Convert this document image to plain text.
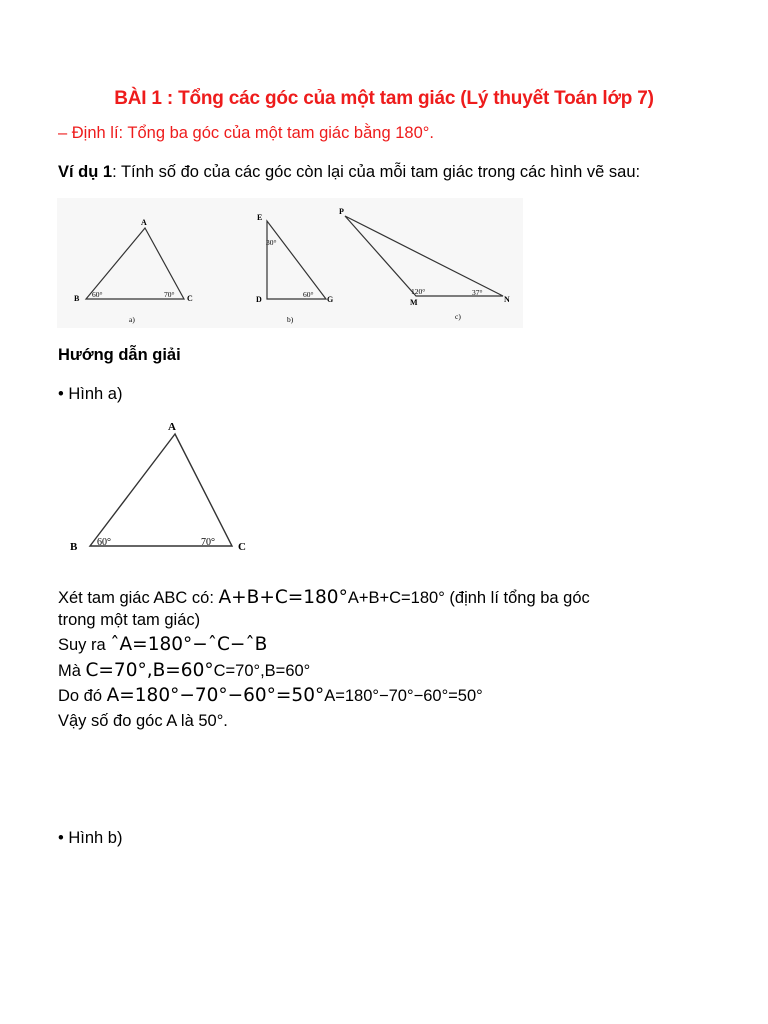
BÀI 1 : Tổng các góc của một tam giác (Lý thuyết Toán lớp 7)
– Định lí: Tổng ba góc của một tam giác bằng 180°.
Ví dụ 1: Tính số đo của các góc còn lại của mỗi tam giác trong các hình vẽ sau:
A
B	C
60°	70°
a)
E
D	G
30°
60°
b)
P
M	N
120°	37°
c)
Hướng dẫn giải
• Hình a)
A
B	C
60°	70°
Xét tam giác ABC có: A+B+C=180°A+B+C=180° (định lí tổng ba góc
trong một tam giác)
Suy ra ˆA=180°−ˆC−ˆB
Mà C=70°,B=60°C=70°,B=60°
Do đó A=180°−70°−60°=50°A=180°−70°−60°=50°
Vậy số đo góc A là 50°.
• Hình b)
